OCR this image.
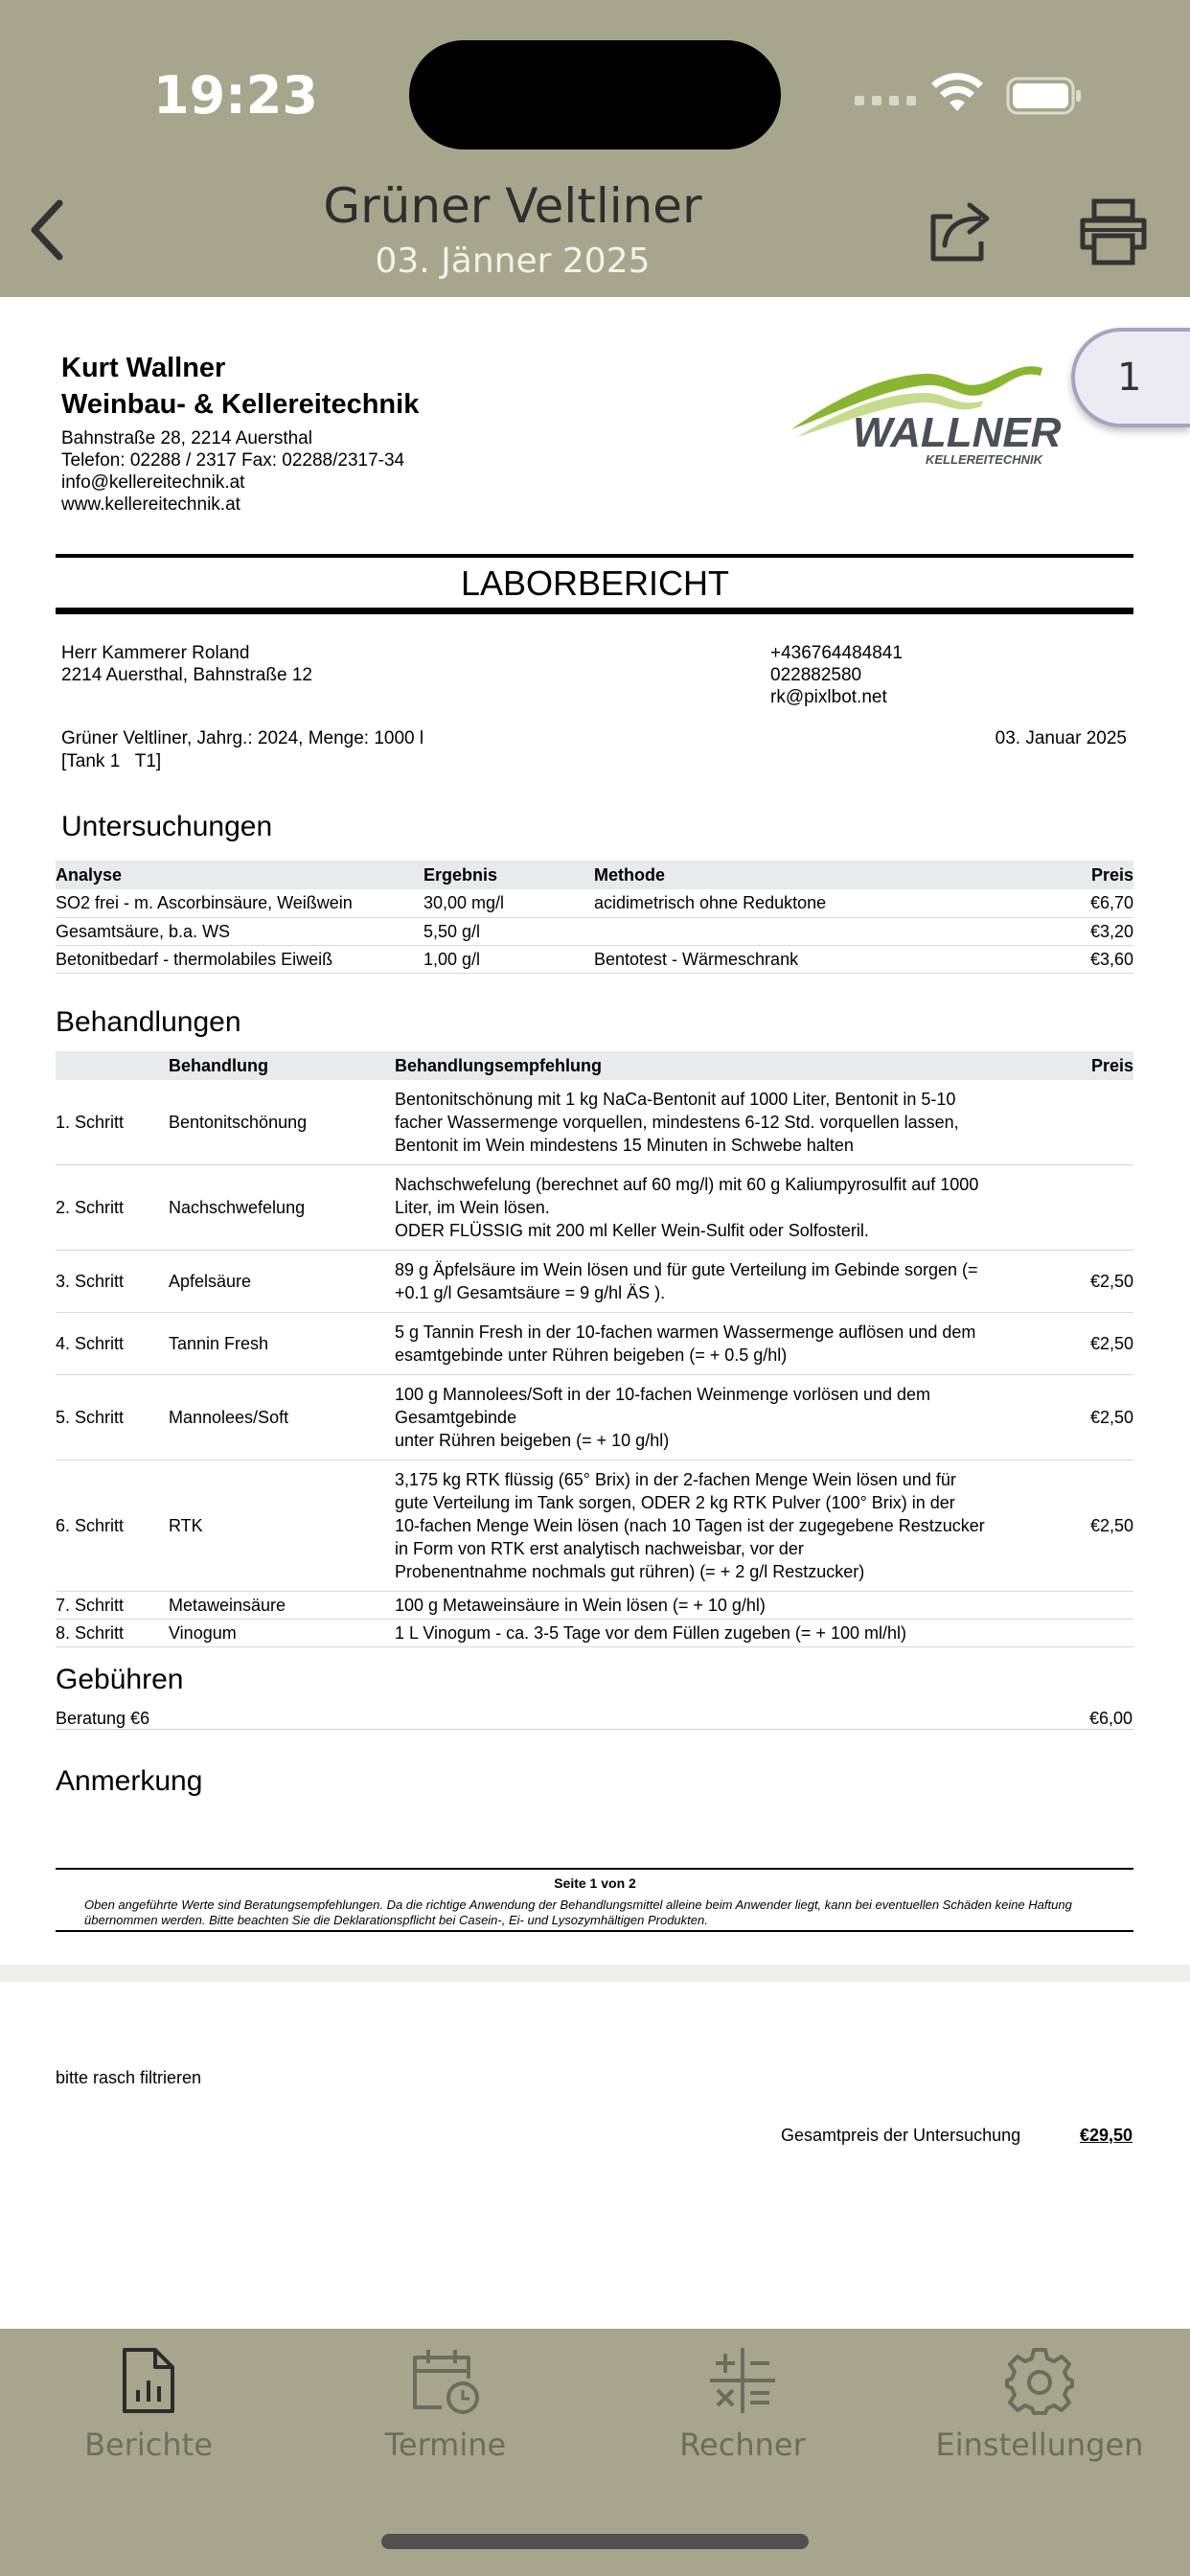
19:23
Grüner Veltliner
03. Jänner 2025
1
Kurt Wallner
Weinbau- & Kellereitechnik
Bahnstraße 28, 2214 Auersthal
Telefon: 02288 / 2317 Fax: 02288/2317-34
info@kellereitechnik.at
www.kellereitechnik.at
WALLNER
KELLEREITECHNIK
LABORBERICHT
Herr Kammerer Roland
2214 Auersthal, Bahnstraße 12
+436764484841
022882580
rk@pixlbot.net
Grüner Veltliner, Jahrg.: 2024, Menge: 1000 l
[Tank 1   T1]
03. Januar 2025
Untersuchungen
Analyse	Ergebnis	Methode	Preis
SO2 frei - m. Ascorbinsäure, Weißwein	30,00 mg/l	acidimetrisch ohne Reduktone	€6,70
Gesamtsäure, b.a. WS	5,50 g/l		€3,20
Betonitbedarf - thermolabiles Eiweiß	1,00 g/l	Bentotest - Wärmeschrank	€3,60
Behandlungen
	Behandlung	Behandlungsempfehlung	Preis
1. Schritt	Bentonitschönung	Bentonitschönung mit 1 kg NaCa-Bentonit auf 1000 Liter, Bentonit in 5-10
facher Wassermenge vorquellen, mindestens 6-12 Std. vorquellen lassen,
Bentonit im Wein mindestens 15 Minuten in Schwebe halten	

2. Schritt	Nachschwefelung	Nachschwefelung (berechnet auf 60 mg/l) mit 60 g Kaliumpyrosulfit auf 1000
Liter, im Wein lösen.
ODER FLÜSSIG mit 200 ml Keller Wein-Sulfit oder Solfosteril.	

3. Schritt	Apfelsäure	89 g Äpfelsäure im Wein lösen und für gute Verteilung im Gebinde sorgen (=
+0.1 g/l Gesamtsäure = 9 g/hl ÄS ).	€2,50
4. Schritt	Tannin Fresh	5 g Tannin Fresh in der 10-fachen warmen Wassermenge auflösen und dem
esamtgebinde unter Rühren beigeben (= + 0.5 g/hl)	€2,50
5. Schritt	Mannolees/Soft	100 g Mannolees/Soft in der 10-fachen Weinmenge vorlösen und dem
Gesamtgebinde
unter Rühren beigeben (= + 10 g/hl)	€2,50
6. Schritt	RTK	3,175 kg RTK flüssig (65° Brix) in der 2-fachen Menge Wein lösen und für
gute Verteilung im Tank sorgen, ODER 2 kg RTK Pulver (100° Brix) in der
10-fachen Menge Wein lösen (nach 10 Tagen ist der zugegebene Restzucker
in Form von RTK erst analytisch nachweisbar, vor der
Probenentnahme nochmals gut rühren) (= + 2 g/l Restzucker)	€2,50
7. Schritt	Metaweinsäure	100 g Metaweinsäure in Wein lösen (= + 10 g/hl)	

8. Schritt	Vinogum	1 L Vinogum - ca. 3-5 Tage vor dem Füllen zugeben (= + 100 ml/hl)	

Gebühren
Beratung €6	€6,00
Anmerkung
Seite 1 von 2
Oben angeführte Werte sind Beratungsempfehlungen. Da die richtige Anwendung der Behandlungsmittel alleine beim Anwender liegt, kann bei eventuellen Schäden keine Haftung übernommen werden. Bitte beachten Sie die Deklarationspflicht bei Casein-, Ei- und Lysozymhältigen Produkten.
bitte rasch filtrieren
Gesamtpreis der Untersuchung	€29,50
Berichte	Termine	Rechner	Einstellungen
